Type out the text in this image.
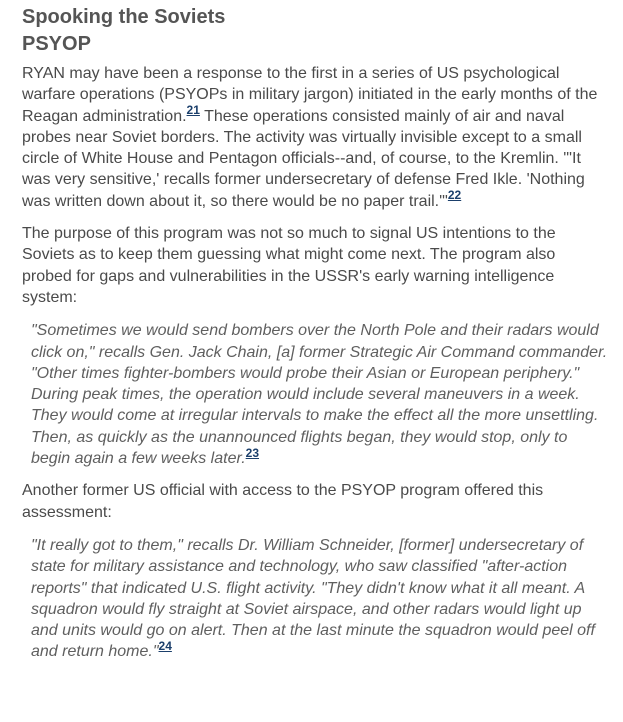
Spooking the Soviets
PSYOP

RYAN may have been a response to the first in a series of US psychological warfare operations (PSYOPs in military jargon) initiated in the early months of the Reagan administration.$^{21}$ These operations consisted mainly of air and naval probes near Soviet borders. The activity was virtually invisible except to a small circle of White House and Pentagon officials--and, of course, to the Kremlin. "'It was very sensitive,' recalls former undersecretary of defense Fred Ikle. 'Nothing was written down about it, so there would be no paper trail.'"$^{22}$

The purpose of this program was not so much to signal US intentions to the Soviets as to keep them guessing what might come next. The program also probed for gaps and vulnerabilities in the USSR's early warning intelligence system:

"Sometimes we would send bombers over the North Pole and their radars would click on," recalls Gen. Jack Chain, [a] former Strategic Air Command commander. "Other times fighter-bombers would probe their Asian or European periphery." During peak times, the operation would include several maneuvers in a week. They would come at irregular intervals to make the effect all the more unsettling. Then, as quickly as the unannounced flights began, they would stop, only to begin again a few weeks later.$^{23}$

Another former US official with access to the PSYOP program offered this assessment:

"It really got to them," recalls Dr. William Schneider, [former] undersecretary of state for military assistance and technology, who saw classified "after-action reports" that indicated U.S. flight activity. "They didn't know what it all meant. A squadron would fly straight at Soviet airspace, and other radars would light up and units would go on alert. Then at the last minute the squadron would peel off and return home."$^{24}$
